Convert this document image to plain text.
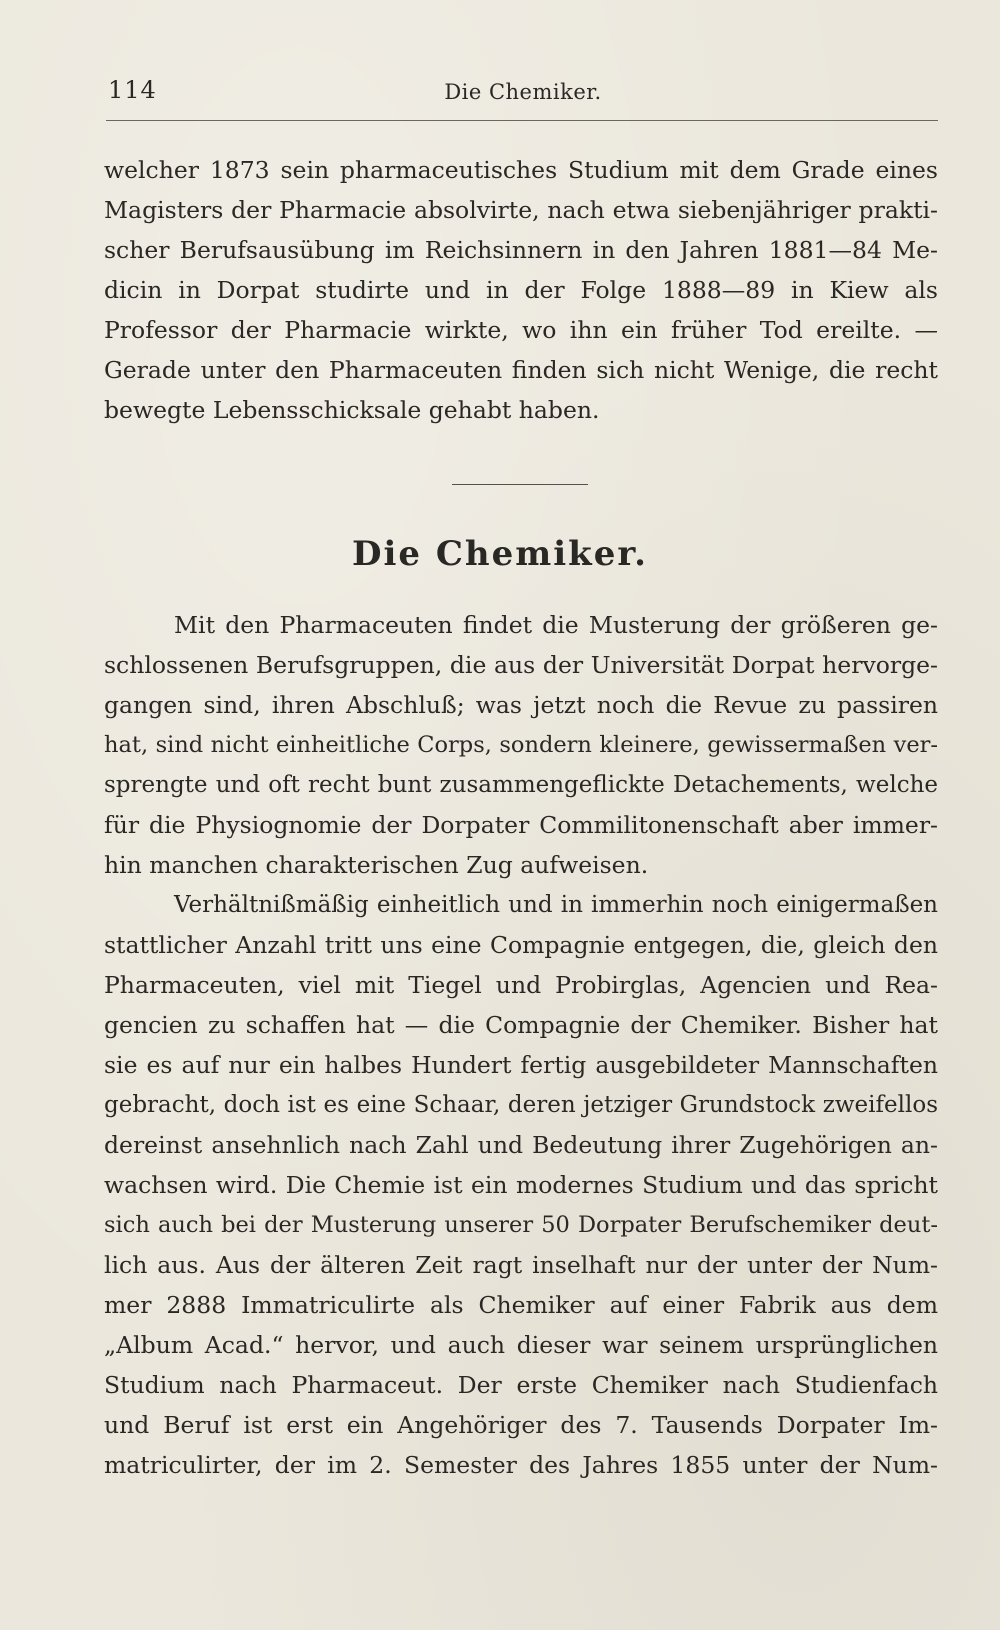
114	Die Chemiker.
welcher 1873 sein pharmaceutisches Studium mit dem Grade eines
Magisters der Pharmacie absolvirte, nach etwa siebenjähriger prakti-
scher Berufsausübung im Reichsinnern in den Jahren 1881—84 Me-
dicin in Dorpat studirte und in der Folge 1888—89 in Kiew als
Professor der Pharmacie wirkte, wo ihn ein früher Tod ereilte. —
Gerade unter den Pharmaceuten finden sich nicht Wenige, die recht
bewegte Lebensschicksale gehabt haben.
Die Chemiker.
Mit den Pharmaceuten findet die Musterung der größeren ge-
schlossenen Berufsgruppen, die aus der Universität Dorpat hervorge-
gangen sind, ihren Abschluß; was jetzt noch die Revue zu passiren
hat, sind nicht einheitliche Corps, sondern kleinere, gewissermaßen ver-
sprengte und oft recht bunt zusammengeflickte Detachements, welche
für die Physiognomie der Dorpater Commilitonenschaft aber immer-
hin manchen charakterischen Zug aufweisen.
Verhältnißmäßig einheitlich und in immerhin noch einigermaßen
stattlicher Anzahl tritt uns eine Compagnie entgegen, die, gleich den
Pharmaceuten, viel mit Tiegel und Probirglas, Agencien und Rea-
gencien zu schaffen hat — die Compagnie der Chemiker. Bisher hat
sie es auf nur ein halbes Hundert fertig ausgebildeter Mannschaften
gebracht, doch ist es eine Schaar, deren jetziger Grundstock zweifellos
dereinst ansehnlich nach Zahl und Bedeutung ihrer Zugehörigen an-
wachsen wird. Die Chemie ist ein modernes Studium und das spricht
sich auch bei der Musterung unserer 50 Dorpater Berufschemiker deut-
lich aus. Aus der älteren Zeit ragt inselhaft nur der unter der Num-
mer 2888 Immatriculirte als Chemiker auf einer Fabrik aus dem
„Album Acad.“ hervor, und auch dieser war seinem ursprünglichen
Studium nach Pharmaceut. Der erste Chemiker nach Studienfach
und Beruf ist erst ein Angehöriger des 7. Tausends Dorpater Im-
matriculirter, der im 2. Semester des Jahres 1855 unter der Num-
